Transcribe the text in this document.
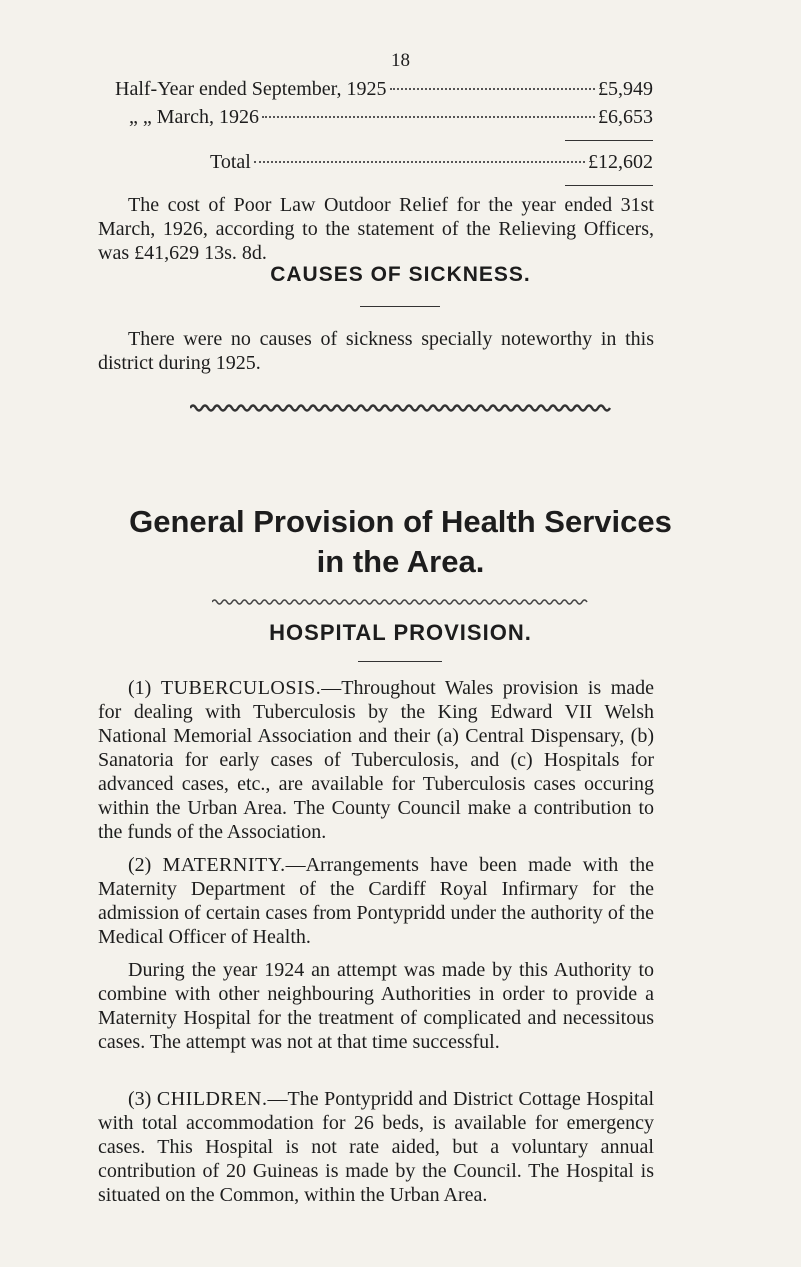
18
Half-Year ended September, 1925	£5,949
„ „ March, 1926	£6,653
Total	£12,602
The cost of Poor Law Outdoor Relief for the year ended 31st March, 1926, according to the statement of the Relieving Officers, was £41,629 13s. 8d.
CAUSES OF SICKNESS.
There were no causes of sickness specially noteworthy in this district during 1925.
General Provision of Health Services
in the Area.
HOSPITAL PROVISION.
(1) TUBERCULOSIS.—Throughout Wales provision is made for dealing with Tuberculosis by the King Edward VII Welsh National Memorial Association and their (a) Central Dispensary, (b) Sanatoria for early cases of Tuberculosis, and (c) Hospitals for advanced cases, etc., are available for Tuberculosis cases occuring within the Urban Area. The County Council make a contribution to the funds of the Association.
(2) MATERNITY.—Arrangements have been made with the Maternity Department of the Cardiff Royal Infirmary for the admission of certain cases from Pontypridd under the authority of the Medical Officer of Health.
During the year 1924 an attempt was made by this Authority to combine with other neighbouring Authorities in order to provide a Maternity Hospital for the treatment of complicated and necessitous cases. The attempt was not at that time successful.
(3) CHILDREN.—The Pontypridd and District Cottage Hospital with total accommodation for 26 beds, is available for emergency cases. This Hospital is not rate aided, but a voluntary annual contribution of 20 Guineas is made by the Council. The Hospital is situated on the Common, within the Urban Area.
